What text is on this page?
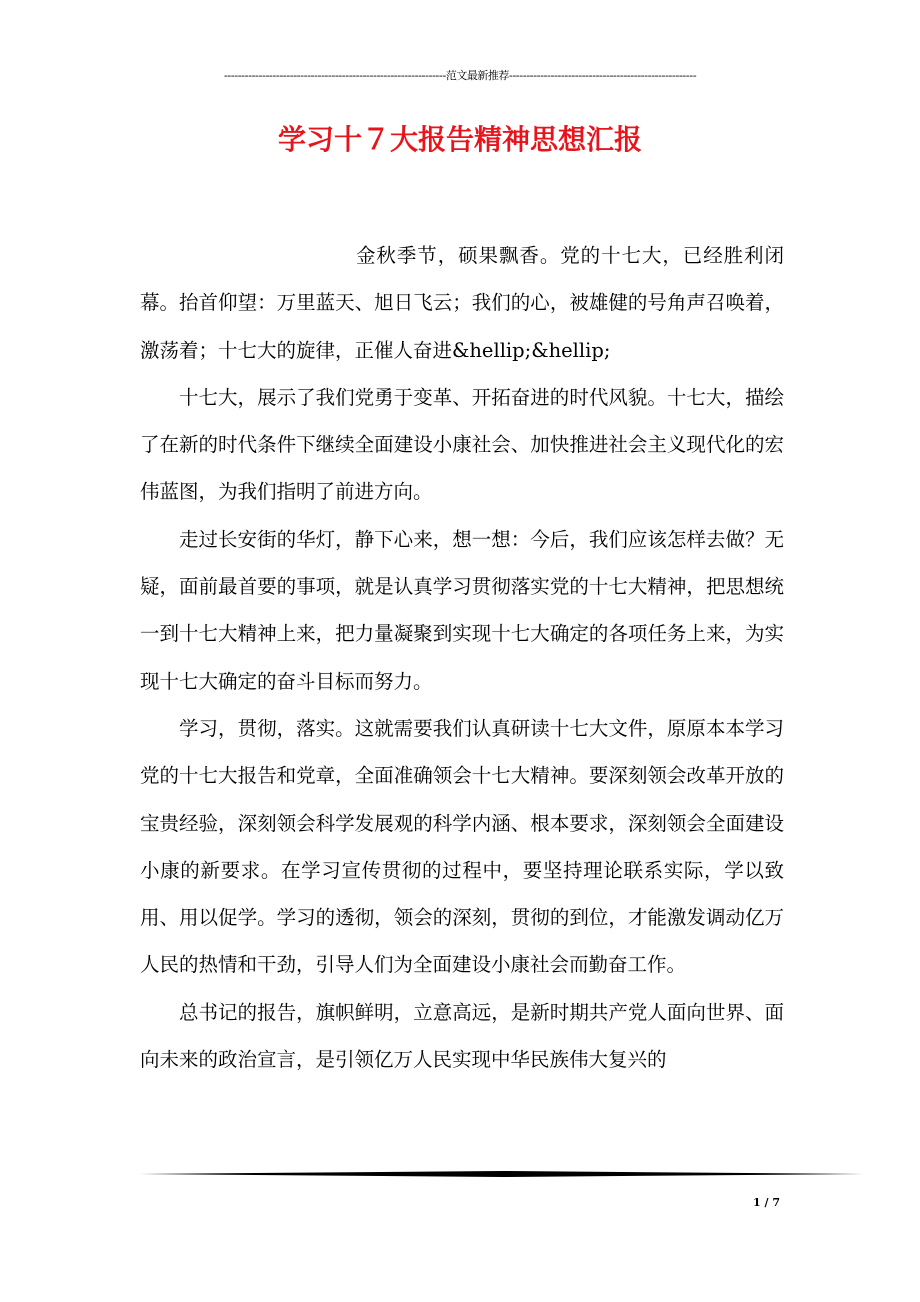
----------------------------------------------------------------范文最新推荐------------------------------------------------------
学习十７大报告精神思想汇报

金秋季节，硕果飘香。党的十七大，已经胜利闭幕。抬首仰望：万里蓝天、旭日飞云；我们的心，被雄健的号角声召唤着，激荡着；十七大的旋律，正催人奋进&hellip;&hellip;

十七大，展示了我们党勇于变革、开拓奋进的时代风貌。十七大，描绘了在新的时代条件下继续全面建设小康社会、加快推进社会主义现代化的宏伟蓝图，为我们指明了前进方向。

走过长安街的华灯，静下心来，想一想：今后，我们应该怎样去做？无疑，面前最首要的事项，就是认真学习贯彻落实党的十七大精神，把思想统一到十七大精神上来，把力量凝聚到实现十七大确定的各项任务上来，为实现十七大确定的奋斗目标而努力。

学习，贯彻，落实。这就需要我们认真研读十七大文件，原原本本学习党的十七大报告和党章，全面准确领会十七大精神。要深刻领会改革开放的宝贵经验，深刻领会科学发展观的科学内涵、根本要求，深刻领会全面建设小康的新要求。在学习宣传贯彻的过程中，要坚持理论联系实际，学以致用、用以促学。学习的透彻，领会的深刻，贯彻的到位，才能激发调动亿万人民的热情和干劲，引导人们为全面建设小康社会而勤奋工作。

总书记的报告，旗帜鲜明，立意高远，是新时期共产党人面向世界、面向未来的政治宣言，是引领亿万人民实现中华民族伟大复兴的

1 / 7
